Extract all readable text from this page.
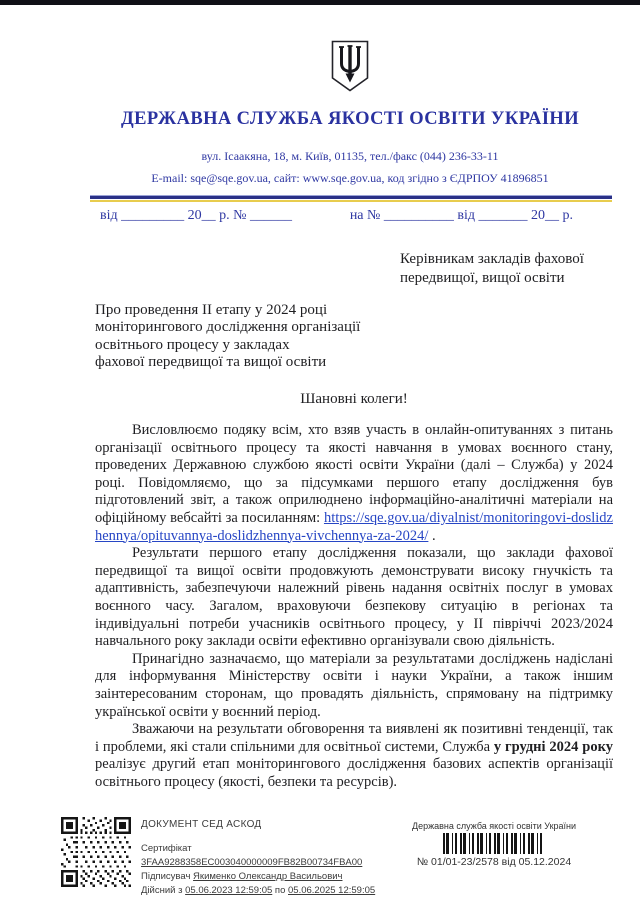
ДЕРЖАВНА СЛУЖБА ЯКОСТІ ОСВІТИ УКРАЇНИ
вул. Ісаакяна, 18, м. Київ, 01135, тел./факс (044) 236-33-11
E-mail: sqe@sqe.gov.ua, сайт: www.sqe.gov.ua, код згідно з ЄДРПОУ 41896851
від _________ 20__ р. № ______	на № __________ від _______ 20__ р.
Керівникам закладів фахової
передвищої, вищої освіти
Про проведення ІІ етапу у 2024 році
моніторингового дослідження організації
освітнього процесу у закладах
фахової передвищої та вищої освіти
Шановні колеги!

Висловлюємо подяку всім, хто взяв участь в онлайн-опитуваннях з питань організації освітнього процесу та якості навчання в умовах воєнного стану, проведених Державною службою якості освіти України (далі – Служба) у 2024 році. Повідомляємо, що за підсумками першого етапу дослідження був підготовлений звіт, а також оприлюднено інформаційно-аналітичні матеріали на офіційному вебсайті за посиланням: https://sqe.gov.ua/diyalnist/monitoringovi-doslidzhennya/opituvannya-doslidzhennya-vivchennya-za-2024/ .

Результати першого етапу дослідження показали, що заклади фахової передвищої та вищої освіти продовжують демонструвати високу гнучкість та адаптивність, забезпечуючи належний рівень надання освітніх послуг в умовах воєнного часу. Загалом, враховуючи безпекову ситуацію в регіонах та індивідуальні потреби учасників освітнього процесу, у ІІ півріччі 2023/2024 навчального року заклади освіти ефективно організували свою діяльність.

Принагідно зазначаємо, що матеріали за результатами досліджень надіслані для інформування Міністерству освіти і науки України, а також іншим заінтересованим сторонам, що провадять діяльність, спрямовану на підтримку української освіти у воєнний період.

Зважаючи на результати обговорення та виявлені як позитивні тенденції, так і проблеми, які стали спільними для освітньої системи, Служба у грудні 2024 року реалізує другий етап моніторингового дослідження базових аспектів організації освітнього процесу (якості, безпеки та ресурсів).

ДОКУМЕНТ СЕД АСКОД
Сертифікат 3FAA9288358EC003040000009FB82B00734FBA00
Підписувач Якименко Олександр Васильович
Дійсний з 05.06.2023 12:59:05 по 05.06.2025 12:59:05
Державна служба якості освіти України
№ 01/01-23/2578 від 05.12.2024
